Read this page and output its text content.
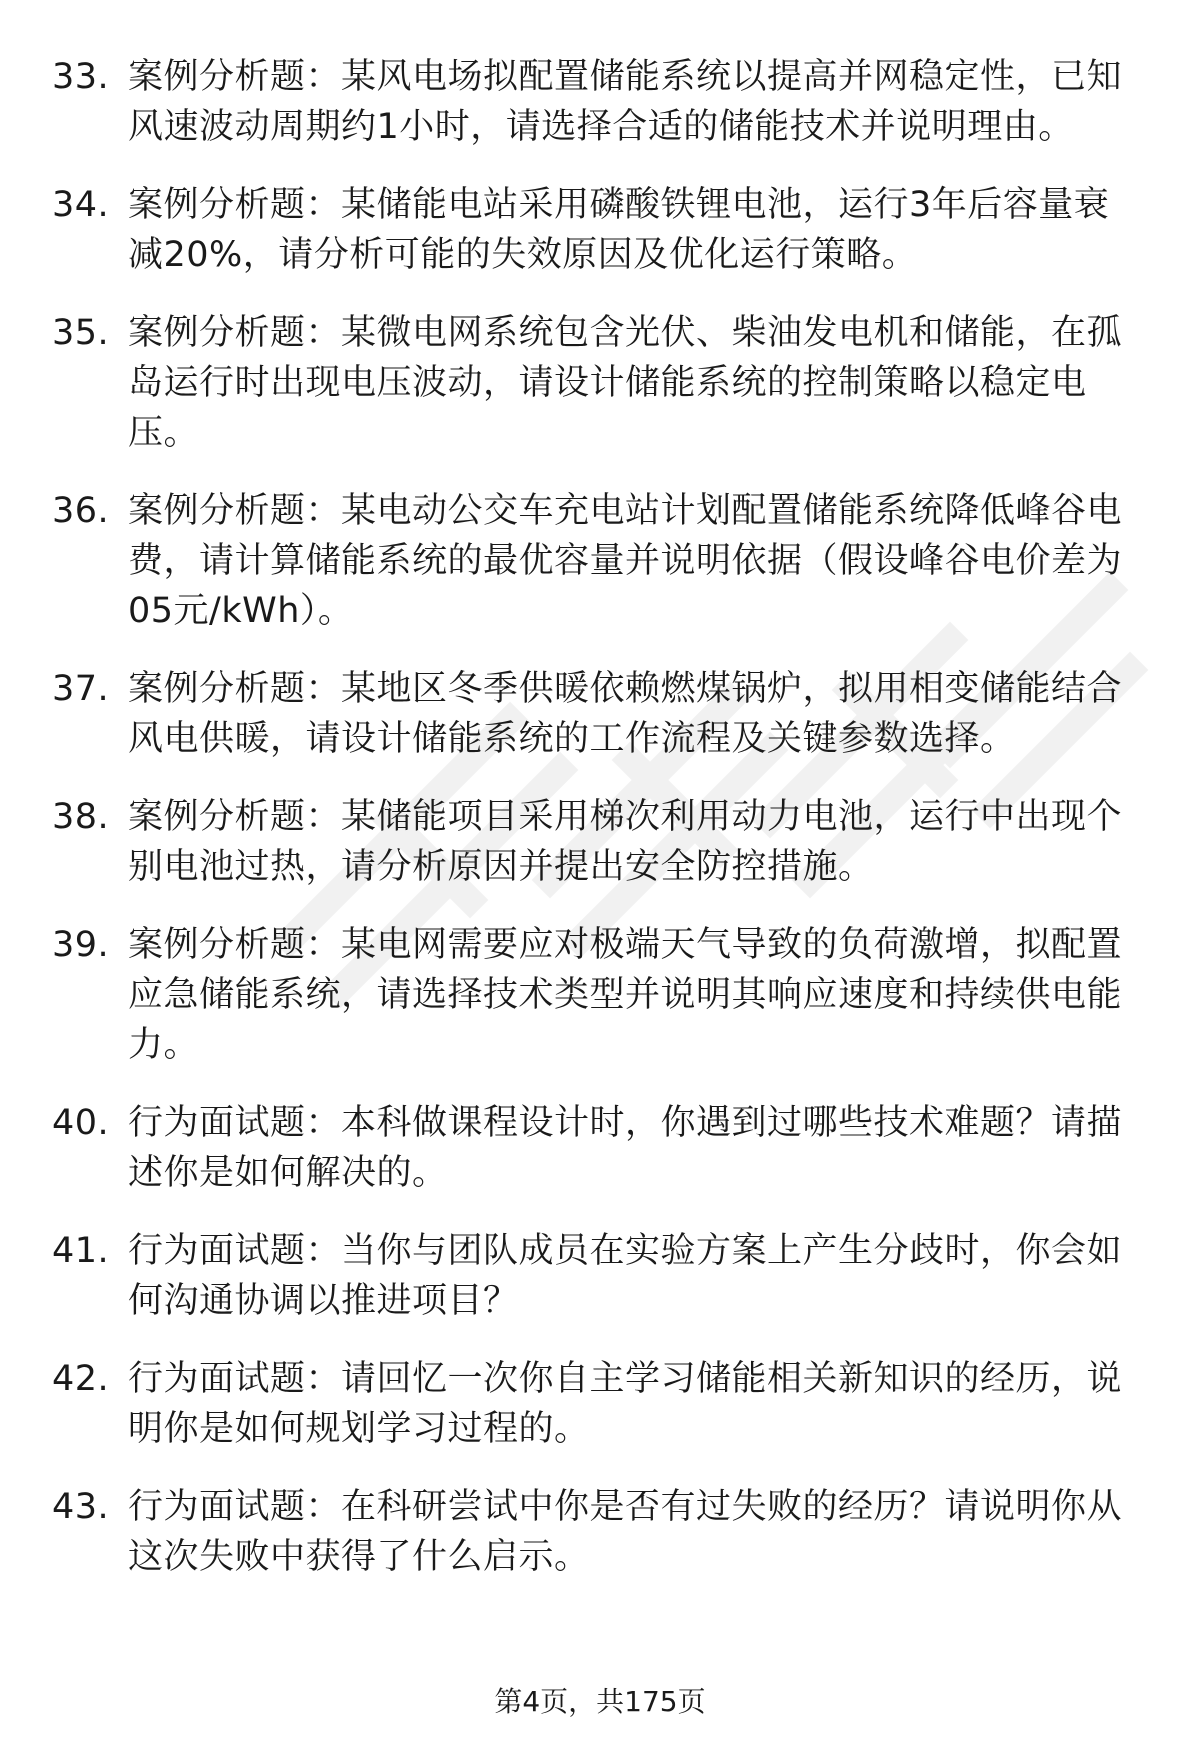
33. 案例分析题：某风电场拟配置储能系统以提高并网稳定性，已知风速波动周期约1小时，请选择合适的储能技术并说明理由。
34. 案例分析题：某储能电站采用磷酸铁锂电池，运行3年后容量衰减20%，请分析可能的失效原因及优化运行策略。
35. 案例分析题：某微电网系统包含光伏、柴油发电机和储能，在孤岛运行时出现电压波动，请设计储能系统的控制策略以稳定电压。
36. 案例分析题：某电动公交车充电站计划配置储能系统降低峰谷电费，请计算储能系统的最优容量并说明依据（假设峰谷电价差为05元/kWh）。
37. 案例分析题：某地区冬季供暖依赖燃煤锅炉，拟用相变储能结合风电供暖，请设计储能系统的工作流程及关键参数选择。
38. 案例分析题：某储能项目采用梯次利用动力电池，运行中出现个别电池过热，请分析原因并提出安全防控措施。
39. 案例分析题：某电网需要应对极端天气导致的负荷激增，拟配置应急储能系统，请选择技术类型并说明其响应速度和持续供电能力。
40. 行为面试题：本科做课程设计时，你遇到过哪些技术难题？请描述你是如何解决的。
41. 行为面试题：当你与团队成员在实验方案上产生分歧时，你会如何沟通协调以推进项目？
42. 行为面试题：请回忆一次你自主学习储能相关新知识的经历，说明你是如何规划学习过程的。
43. 行为面试题：在科研尝试中你是否有过失败的经历？请说明你从这次失败中获得了什么启示。
第4页，共175页
